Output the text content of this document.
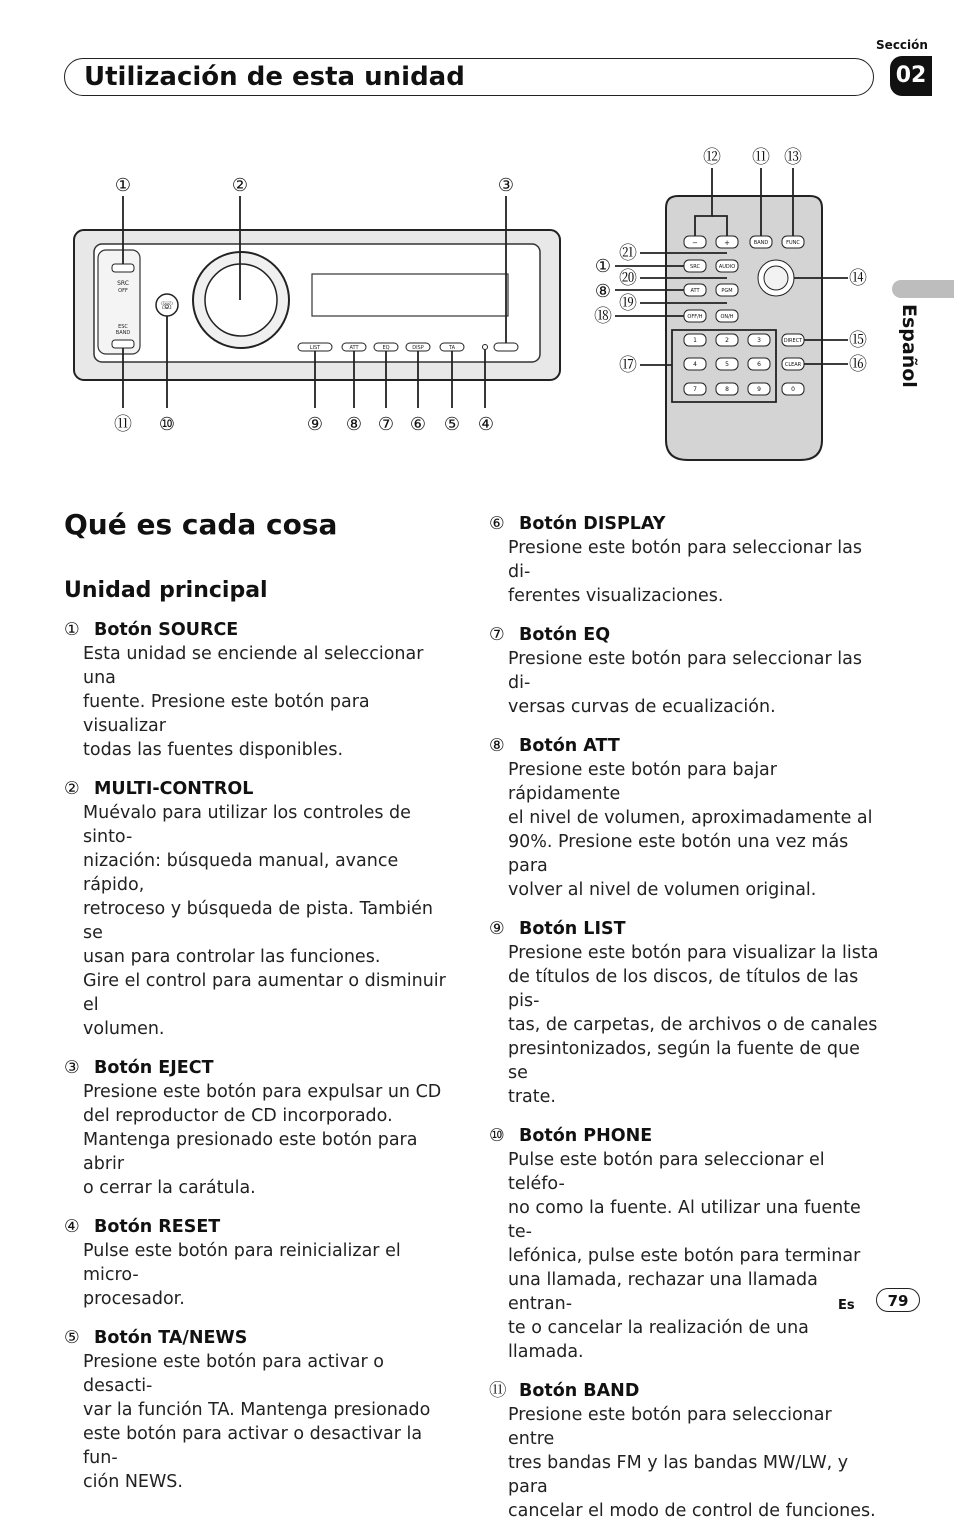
Utilización de esta unidad
Sección
02
Español
SRC
OFF
ESC
BAND
☏
LIST	ATT	EQ	DISP	TA
①	②	③
④
⑤
⑥
⑦
⑧
⑨
⑩
⑪
−	+	BAND	FUNC
SRC	AUDIO
ATT	PGM
OFF/H	ON/H
DIRECT
CLEAR
1	2	3
4	5	6
7	8	9	0
⑫ ⑪ ⑬
㉑
①
⑳
⑧
⑲
⑱
⑰
⑭
⑮
⑯
Qué es cada cosa
Unidad principal
① Botón SOURCE
Esta unidad se enciende al seleccionar una
fuente. Presione este botón para visualizar
todas las fuentes disponibles.
② MULTI-CONTROL
Muévalo para utilizar los controles de sinto-
nización: búsqueda manual, avance rápido,
retroceso y búsqueda de pista. También se
usan para controlar las funciones.
Gire el control para aumentar o disminuir el
volumen.
③ Botón EJECT
Presione este botón para expulsar un CD
del reproductor de CD incorporado.
Mantenga presionado este botón para abrir
o cerrar la carátula.
④ Botón RESET
Pulse este botón para reinicializar el micro-
procesador.
⑤ Botón TA/NEWS
Presione este botón para activar o desacti-
var la función TA. Mantenga presionado
este botón para activar o desactivar la fun-
ción NEWS.
⑥ Botón DISPLAY
Presione este botón para seleccionar las di-
ferentes visualizaciones.
⑦ Botón EQ
Presione este botón para seleccionar las di-
versas curvas de ecualización.
⑧ Botón ATT
Presione este botón para bajar rápidamente
el nivel de volumen, aproximadamente al
90%. Presione este botón una vez más para
volver al nivel de volumen original.
⑨ Botón LIST
Presione este botón para visualizar la lista
de títulos de los discos, de títulos de las pis-
tas, de carpetas, de archivos o de canales
presintonizados, según la fuente de que se
trate.
⑩ Botón PHONE
Pulse este botón para seleccionar el teléfo-
no como la fuente. Al utilizar una fuente te-
lefónica, pulse este botón para terminar
una llamada, rechazar una llamada entran-
te o cancelar la realización de una llamada.
⑪ Botón BAND
Presione este botón para seleccionar entre
tres bandas FM y las bandas MW/LW, y para
cancelar el modo de control de funciones.
Es	79
